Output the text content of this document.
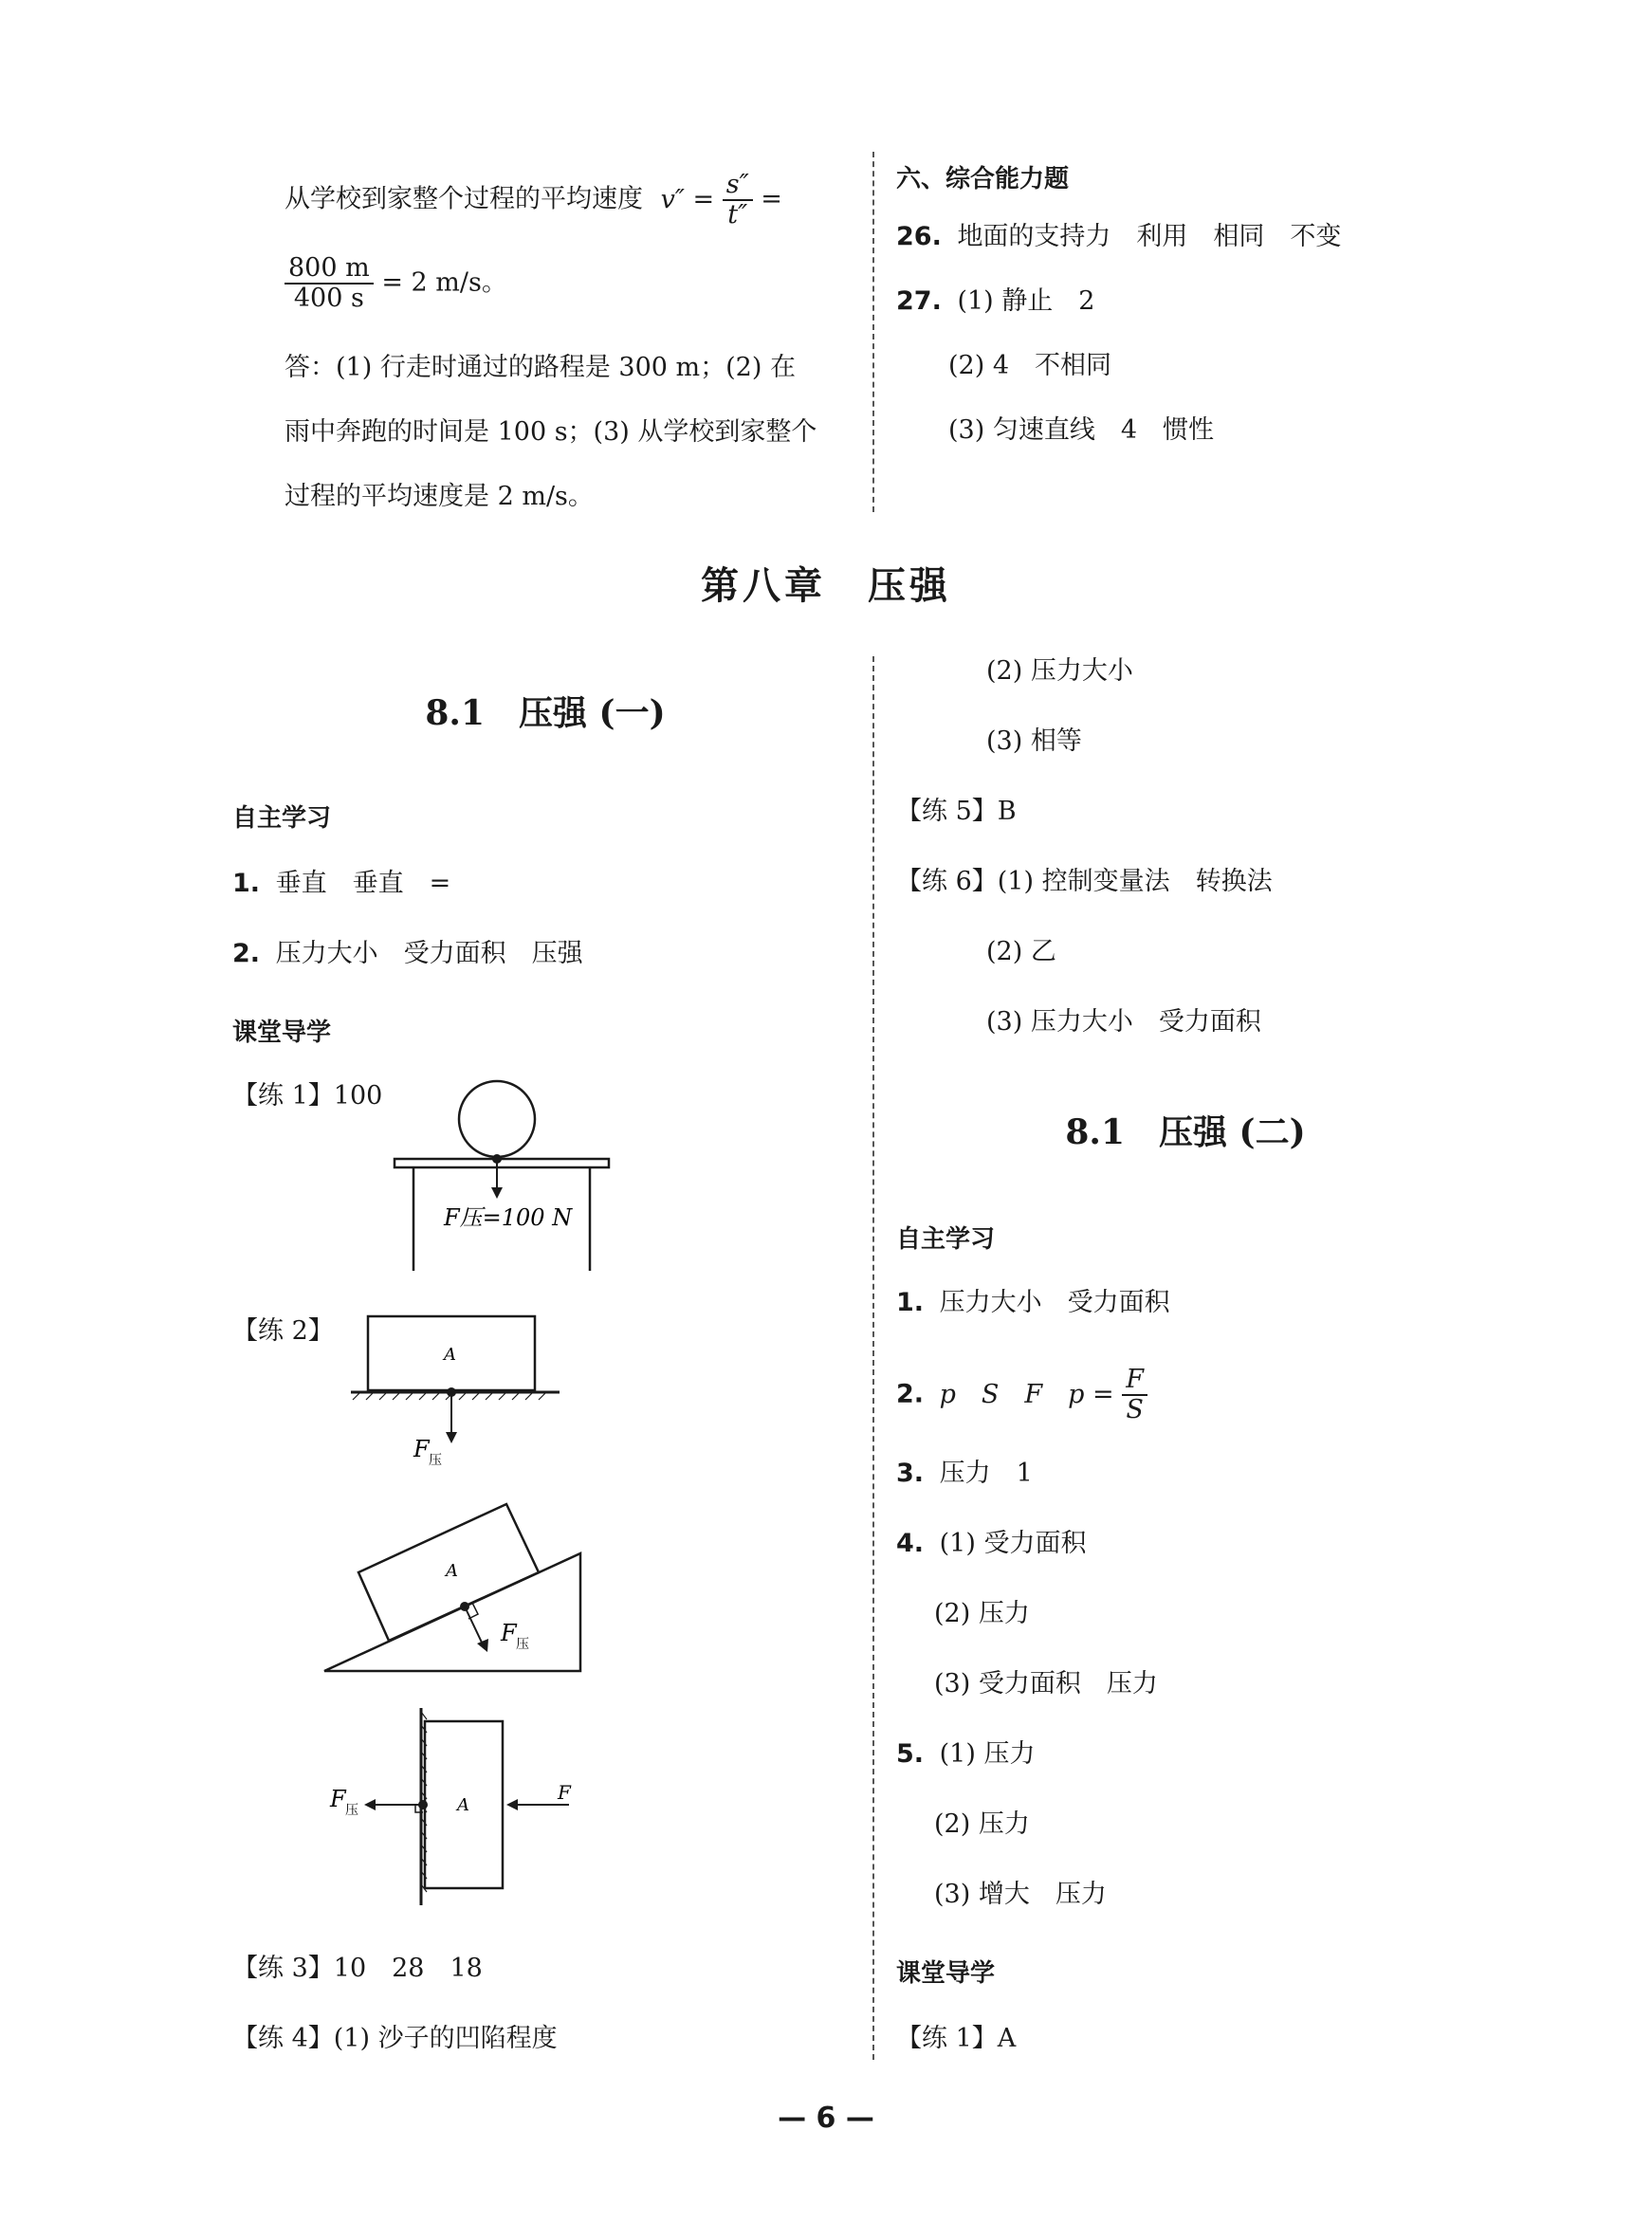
从学校到家整个过程的平均速度 $v'' = \frac{s''}{t''}$ =
$\frac{800 m}{400 s} = 2$ m/s。
答：(1) 行走时通过的路程是 300 m；(2) 在
雨中奔跑的时间是 100 s；(3) 从学校到家整个
过程的平均速度是 2 m/s。
六、综合能力题
26. 地面的支持力　利用　相同　不变
27. (1) 静止　2
(2) 4　不相同
(3) 匀速直线　4　惯性
第八章　压强
8.1　压强 (一)
自主学习
1. 垂直　垂直　=
2. 压力大小　受力面积　压强
课堂导学
【练 1】100
F压=100 N
【练 2】
A
F 压
A
F 压
A
F 压
F
【练 3】10　28　18
【练 4】(1) 沙子的凹陷程度
(2) 压力大小
(3) 相等
【练 5】B
【练 6】(1) 控制变量法　转换法
(2) 乙
(3) 压力大小　受力面积
8.1　压强 (二)
自主学习
1. 压力大小　受力面积
2. p　S　F　$p = \frac{F}{S}$
3. 压力　1
4. (1) 受力面积
(2) 压力
(3) 受力面积　压力
5. (1) 压力
(2) 压力
(3) 增大　压力
课堂导学
【练 1】A
— 6 —
